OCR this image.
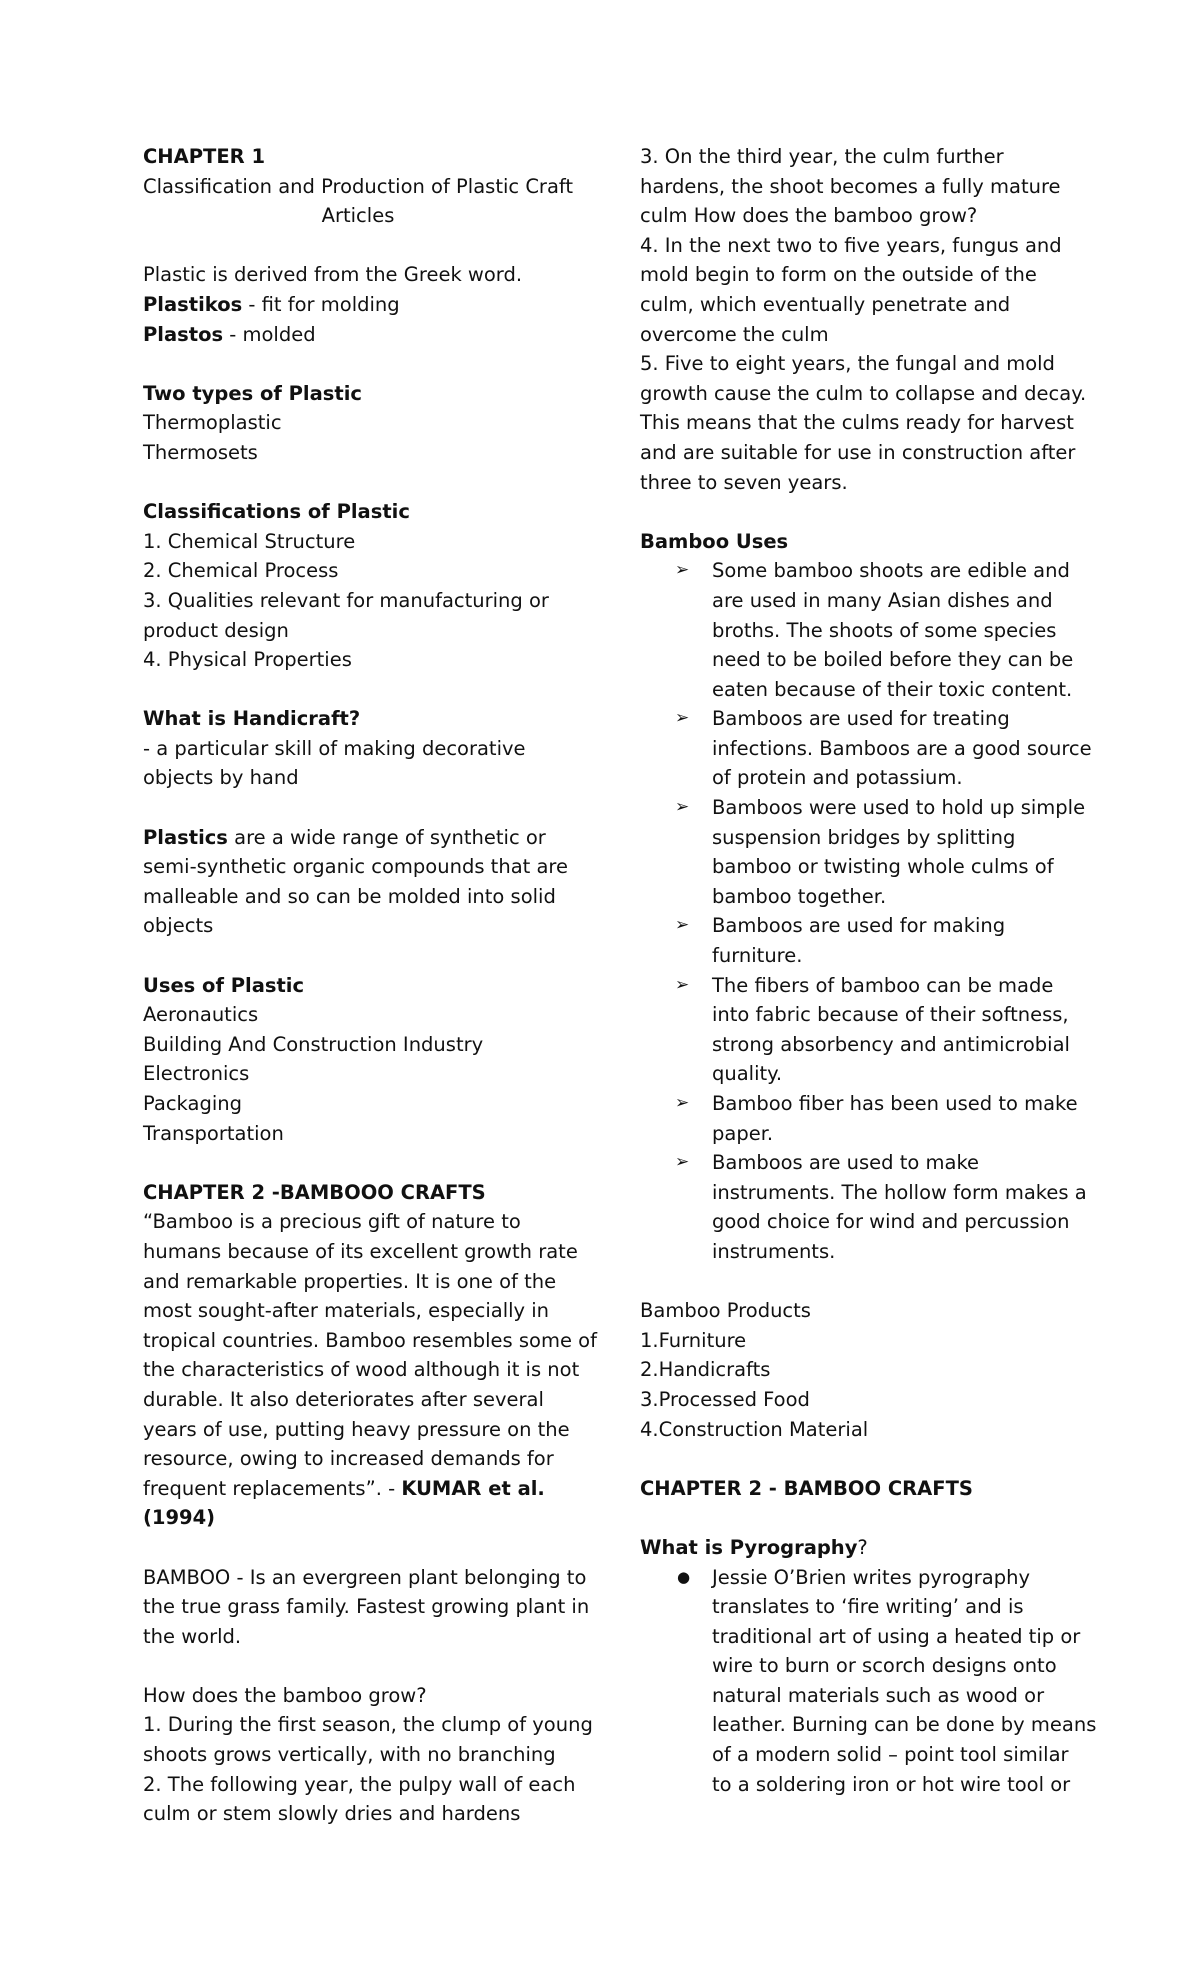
CHAPTER 1
Classification and Production of Plastic Craft
Articles
Plastic is derived from the Greek word.
Plastikos - fit for molding
Plastos - molded
Two types of Plastic
Thermoplastic
Thermosets
Classifications of Plastic
1. Chemical Structure
2. Chemical Process
3. Qualities relevant for manufacturing or
product design
4. Physical Properties
What is Handicraft?
- a particular skill of making decorative
objects by hand
Plastics are a wide range of synthetic or
semi-synthetic organic compounds that are
malleable and so can be molded into solid
objects
Uses of Plastic
Aeronautics
Building And Construction Industry
Electronics
Packaging
Transportation
CHAPTER 2 -BAMBOOO CRAFTS
“Bamboo is a precious gift of nature to
humans because of its excellent growth rate
and remarkable properties. It is one of the
most sought-after materials, especially in
tropical countries. Bamboo resembles some of
the characteristics of wood although it is not
durable. It also deteriorates after several
years of use, putting heavy pressure on the
resource, owing to increased demands for
frequent replacements”. - KUMAR et al.
(1994)
BAMBOO - Is an evergreen plant belonging to
the true grass family. Fastest growing plant in
the world.
How does the bamboo grow?
1. During the first season, the clump of young
shoots grows vertically, with no branching
2. The following year, the pulpy wall of each
culm or stem slowly dries and hardens
3. On the third year, the culm further
hardens, the shoot becomes a fully mature
culm How does the bamboo grow?
4. In the next two to five years, fungus and
mold begin to form on the outside of the
culm, which eventually penetrate and
overcome the culm
5. Five to eight years, the fungal and mold
growth cause the culm to collapse and decay.
This means that the culms ready for harvest
and are suitable for use in construction after
three to seven years.
Bamboo Uses
➢ Some bamboo shoots are edible and
are used in many Asian dishes and
broths. The shoots of some species
need to be boiled before they can be
eaten because of their toxic content.
➢ Bamboos are used for treating
infections. Bamboos are a good source
of protein and potassium.
➢ Bamboos were used to hold up simple
suspension bridges by splitting
bamboo or twisting whole culms of
bamboo together.
➢ Bamboos are used for making
furniture.
➢ The fibers of bamboo can be made
into fabric because of their softness,
strong absorbency and antimicrobial
quality.
➢ Bamboo fiber has been used to make
paper.
➢ Bamboos are used to make
instruments. The hollow form makes a
good choice for wind and percussion
instruments.
Bamboo Products
1.Furniture
2.Handicrafts
3.Processed Food
4.Construction Material
CHAPTER 2 - BAMBOO CRAFTS
What is Pyrography?
● Jessie O’Brien writes pyrography
translates to ‘fire writing’ and is
traditional art of using a heated tip or
wire to burn or scorch designs onto
natural materials such as wood or
leather. Burning can be done by means
of a modern solid – point tool similar
to a soldering iron or hot wire tool or
